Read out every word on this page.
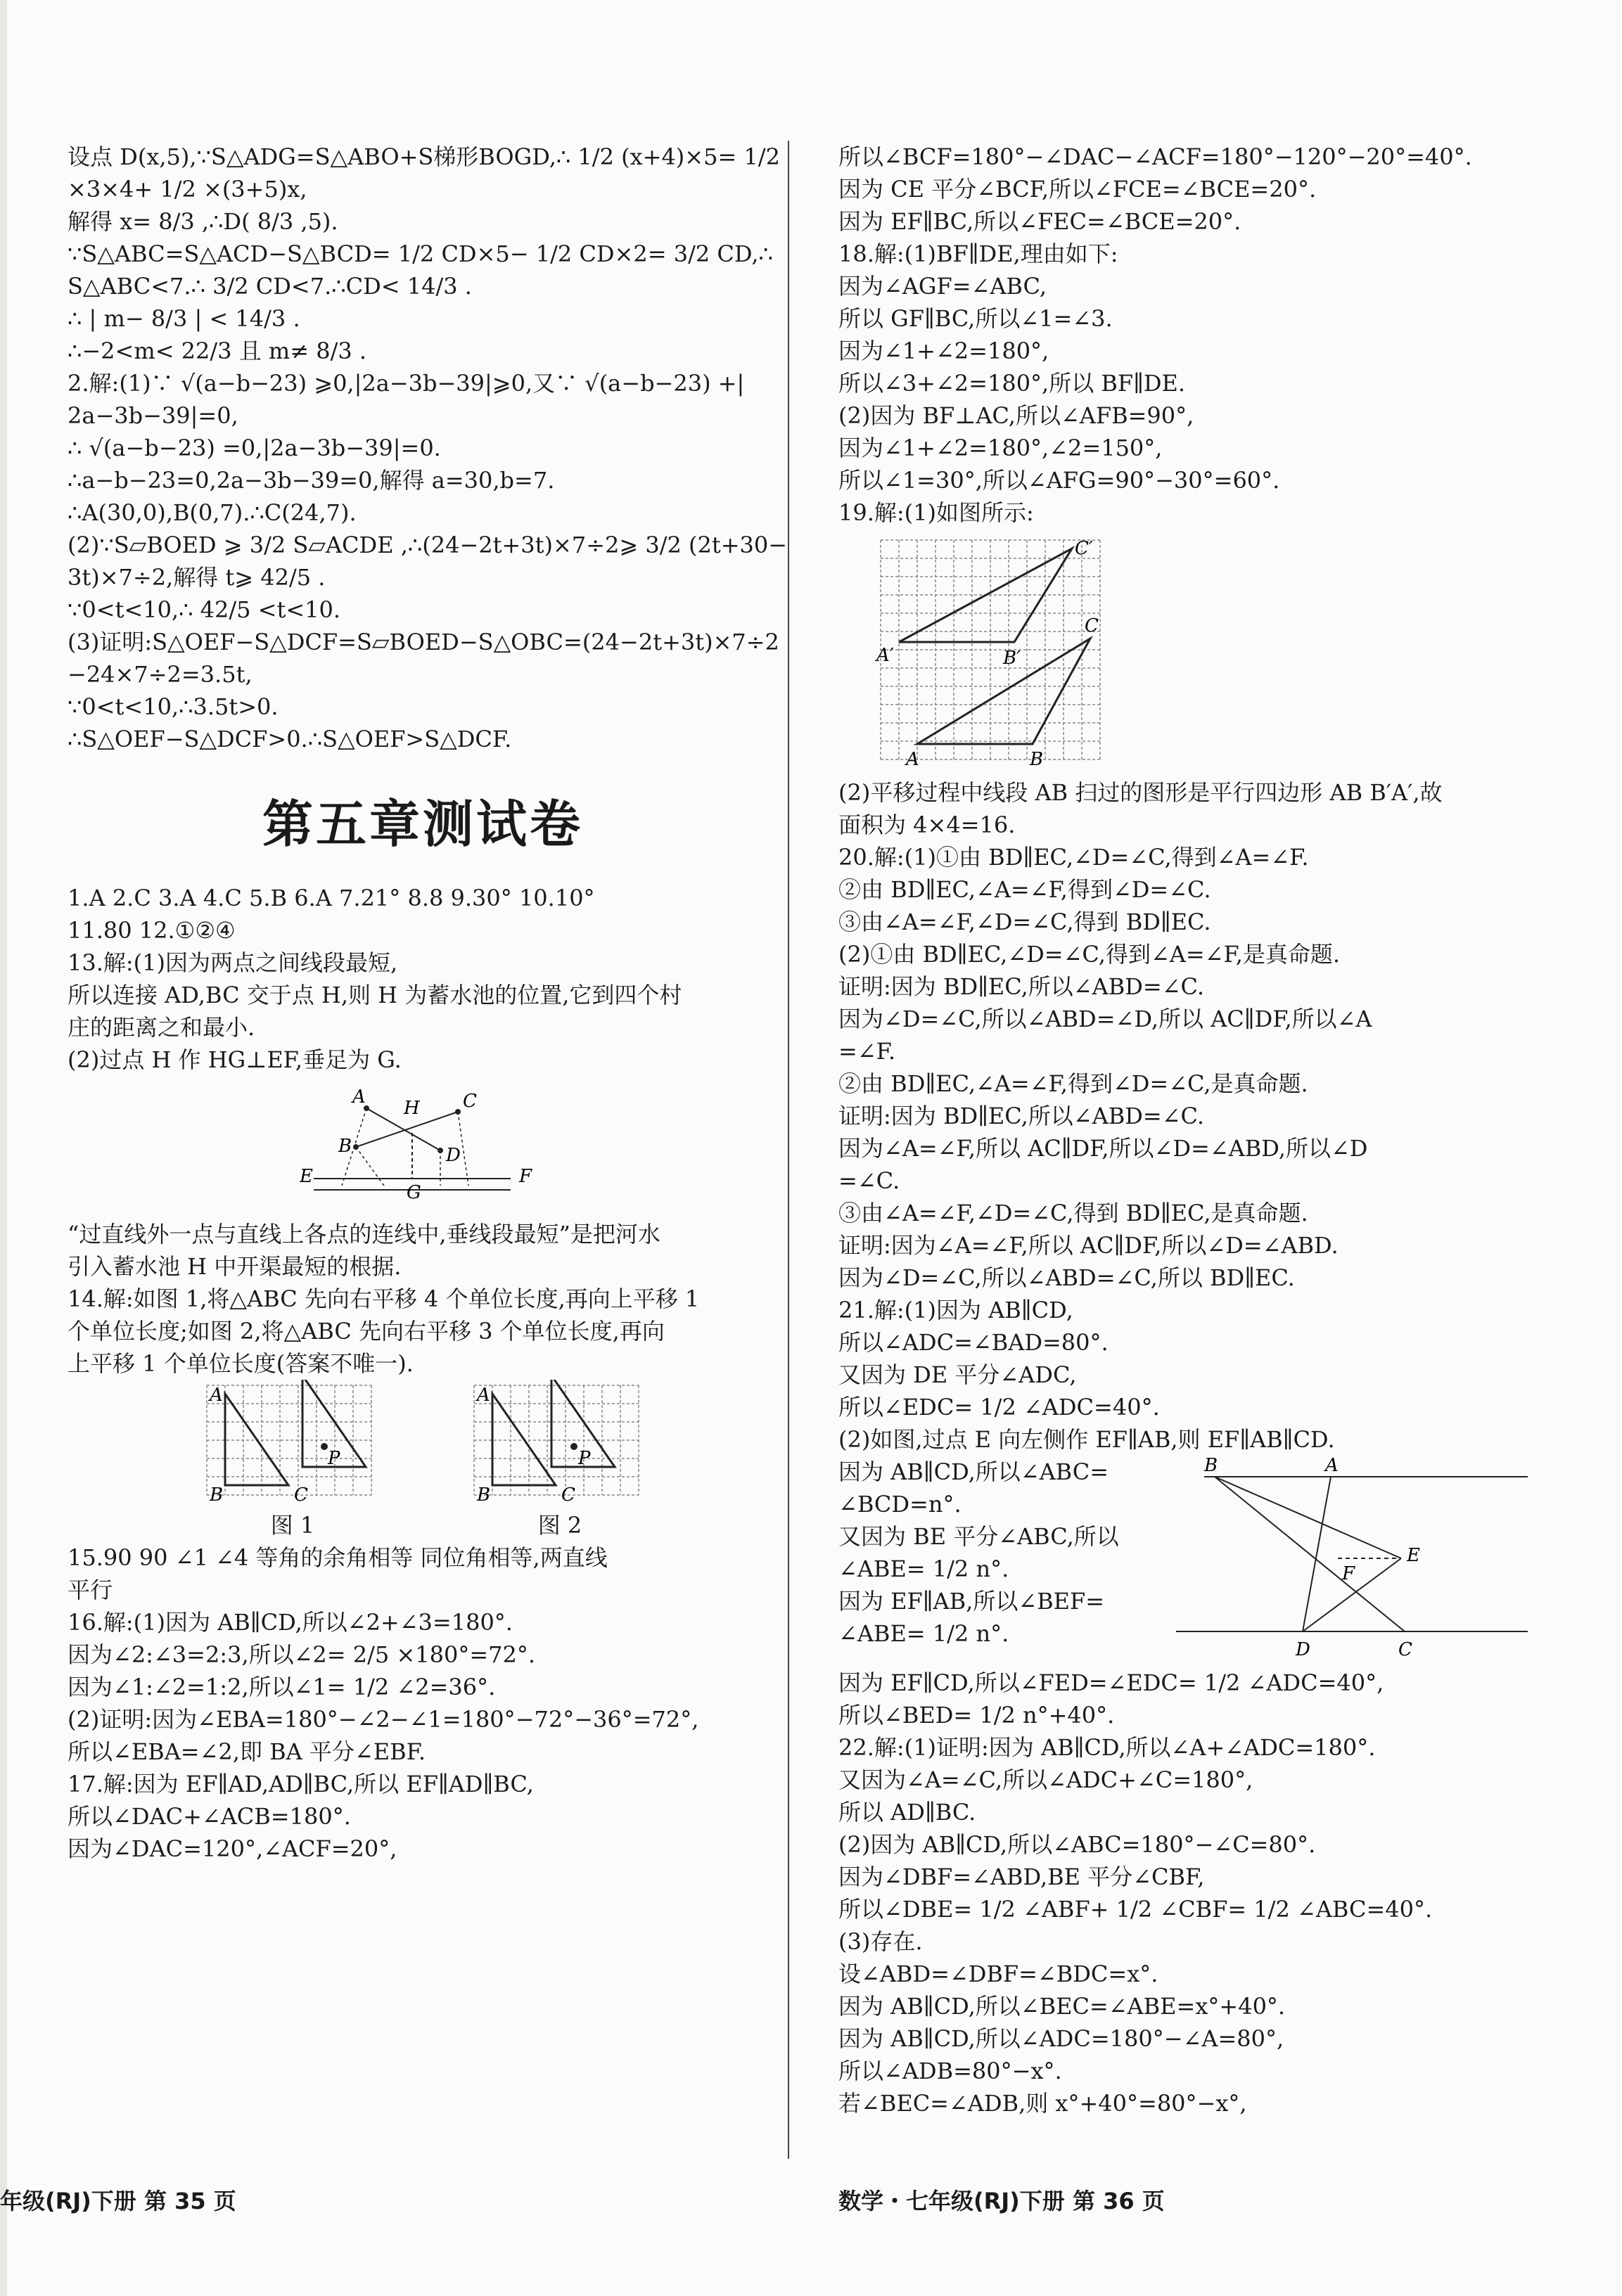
设点 D(x,5),∵S△ADG=S△ABO+S梯形BOGD,∴ 1/2 (x+4)×5= 1/2
×3×4+ 1/2 ×(3+5)x,
解得 x= 8/3 ,∴D( 8/3 ,5).
∵S△ABC=S△ACD−S△BCD= 1/2 CD×5− 1/2 CD×2= 3/2 CD,∴
S△ABC<7.∴ 3/2 CD<7.∴CD< 14/3 .
∴ | m− 8/3 | < 14/3 .
∴−2<m< 22/3 且 m≠ 8/3 .
2.解:(1)∵ √(a−b−23) ⩾0,|2a−3b−39|⩾0,又∵ √(a−b−23) +|
2a−3b−39|=0,
∴ √(a−b−23) =0,|2a−3b−39|=0.
∴a−b−23=0,2a−3b−39=0,解得 a=30,b=7.
∴A(30,0),B(0,7).∴C(24,7).
(2)∵S▱BOED ⩾ 3/2 S▱ACDE ,∴(24−2t+3t)×7÷2⩾ 3/2 (2t+30−
3t)×7÷2,解得 t⩾ 42/5 .
∵0<t<10,∴ 42/5 <t<10.
(3)证明:S△OEF−S△DCF=S▱BOED−S△OBC=(24−2t+3t)×7÷2
−24×7÷2=3.5t,
∵0<t<10,∴3.5t>0.
∴S△OEF−S△DCF>0.∴S△OEF>S△DCF.
第五章测试卷
1.A 2.C 3.A 4.C 5.B 6.A 7.21° 8.8 9.30° 10.10°
11.80 12.①②④
13.解:(1)因为两点之间线段最短,
所以连接 AD,BC 交于点 H,则 H 为蓄水池的位置,它到四个村
庄的距离之和最小.
(2)过点 H 作 HG⊥EF,垂足为 G.
A
B
C
D
H
E	F
G
“过直线外一点与直线上各点的连线中,垂线段最短”是把河水
引入蓄水池 H 中开渠最短的根据.
14.解:如图 1,将△ABC 先向右平移 4 个单位长度,再向上平移 1
个单位长度;如图 2,将△ABC 先向右平移 3 个单位长度,再向
上平移 1 个单位长度(答案不唯一).
A
B	C
P
图 1
A
B	C
P
图 2
15.90 90 ∠1 ∠4 等角的余角相等 同位角相等,两直线
平行
16.解:(1)因为 AB∥CD,所以∠2+∠3=180°.
因为∠2:∠3=2:3,所以∠2= 2/5 ×180°=72°.
因为∠1:∠2=1:2,所以∠1= 1/2 ∠2=36°.
(2)证明:因为∠EBA=180°−∠2−∠1=180°−72°−36°=72°,
所以∠EBA=∠2,即 BA 平分∠EBF.
17.解:因为 EF∥AD,AD∥BC,所以 EF∥AD∥BC,
所以∠DAC+∠ACB=180°.
因为∠DAC=120°,∠ACF=20°,
所以∠BCF=180°−∠DAC−∠ACF=180°−120°−20°=40°.
因为 CE 平分∠BCF,所以∠FCE=∠BCE=20°.
因为 EF∥BC,所以∠FEC=∠BCE=20°.
18.解:(1)BF∥DE,理由如下:
因为∠AGF=∠ABC,
所以 GF∥BC,所以∠1=∠3.
因为∠1+∠2=180°,
所以∠3+∠2=180°,所以 BF∥DE.
(2)因为 BF⊥AC,所以∠AFB=90°,
因为∠1+∠2=180°,∠2=150°,
所以∠1=30°,所以∠AFG=90°−30°=60°.
19.解:(1)如图所示:
A	B
C
A′	B′
C′
(2)平移过程中线段 AB 扫过的图形是平行四边形 AB B′A′,故
面积为 4×4=16.
20.解:(1)①由 BD∥EC,∠D=∠C,得到∠A=∠F.
②由 BD∥EC,∠A=∠F,得到∠D=∠C.
③由∠A=∠F,∠D=∠C,得到 BD∥EC.
(2)①由 BD∥EC,∠D=∠C,得到∠A=∠F,是真命题.
证明:因为 BD∥EC,所以∠ABD=∠C.
因为∠D=∠C,所以∠ABD=∠D,所以 AC∥DF,所以∠A
=∠F.
②由 BD∥EC,∠A=∠F,得到∠D=∠C,是真命题.
证明:因为 BD∥EC,所以∠ABD=∠C.
因为∠A=∠F,所以 AC∥DF,所以∠D=∠ABD,所以∠D
=∠C.
③由∠A=∠F,∠D=∠C,得到 BD∥EC,是真命题.
证明:因为∠A=∠F,所以 AC∥DF,所以∠D=∠ABD.
因为∠D=∠C,所以∠ABD=∠C,所以 BD∥EC.
21.解:(1)因为 AB∥CD,
所以∠ADC=∠BAD=80°.
又因为 DE 平分∠ADC,
所以∠EDC= 1/2 ∠ADC=40°.
(2)如图,过点 E 向左侧作 EF∥AB,则 EF∥AB∥CD.
因为 AB∥CD,所以∠ABC=
∠BCD=n°.
又因为 BE 平分∠ABC,所以
∠ABE= 1/2 n°.
因为 EF∥AB,所以∠BEF=
∠ABE= 1/2 n°.
B	A
E
F
D	C
因为 EF∥CD,所以∠FED=∠EDC= 1/2 ∠ADC=40°,
所以∠BED= 1/2 n°+40°.
22.解:(1)证明:因为 AB∥CD,所以∠A+∠ADC=180°.
又因为∠A=∠C,所以∠ADC+∠C=180°,
所以 AD∥BC.
(2)因为 AB∥CD,所以∠ABC=180°−∠C=80°.
因为∠DBF=∠ABD,BE 平分∠CBF,
所以∠DBE= 1/2 ∠ABF+ 1/2 ∠CBF= 1/2 ∠ABC=40°.
(3)存在.
设∠ABD=∠DBF=∠BDC=x°.
因为 AB∥CD,所以∠BEC=∠ABE=x°+40°.
因为 AB∥CD,所以∠ADC=180°−∠A=80°,
所以∠ADB=80°−x°.
若∠BEC=∠ADB,则 x°+40°=80°−x°,
年级(RJ)下册 第 35 页	数学・七年级(RJ)下册 第 36 页
